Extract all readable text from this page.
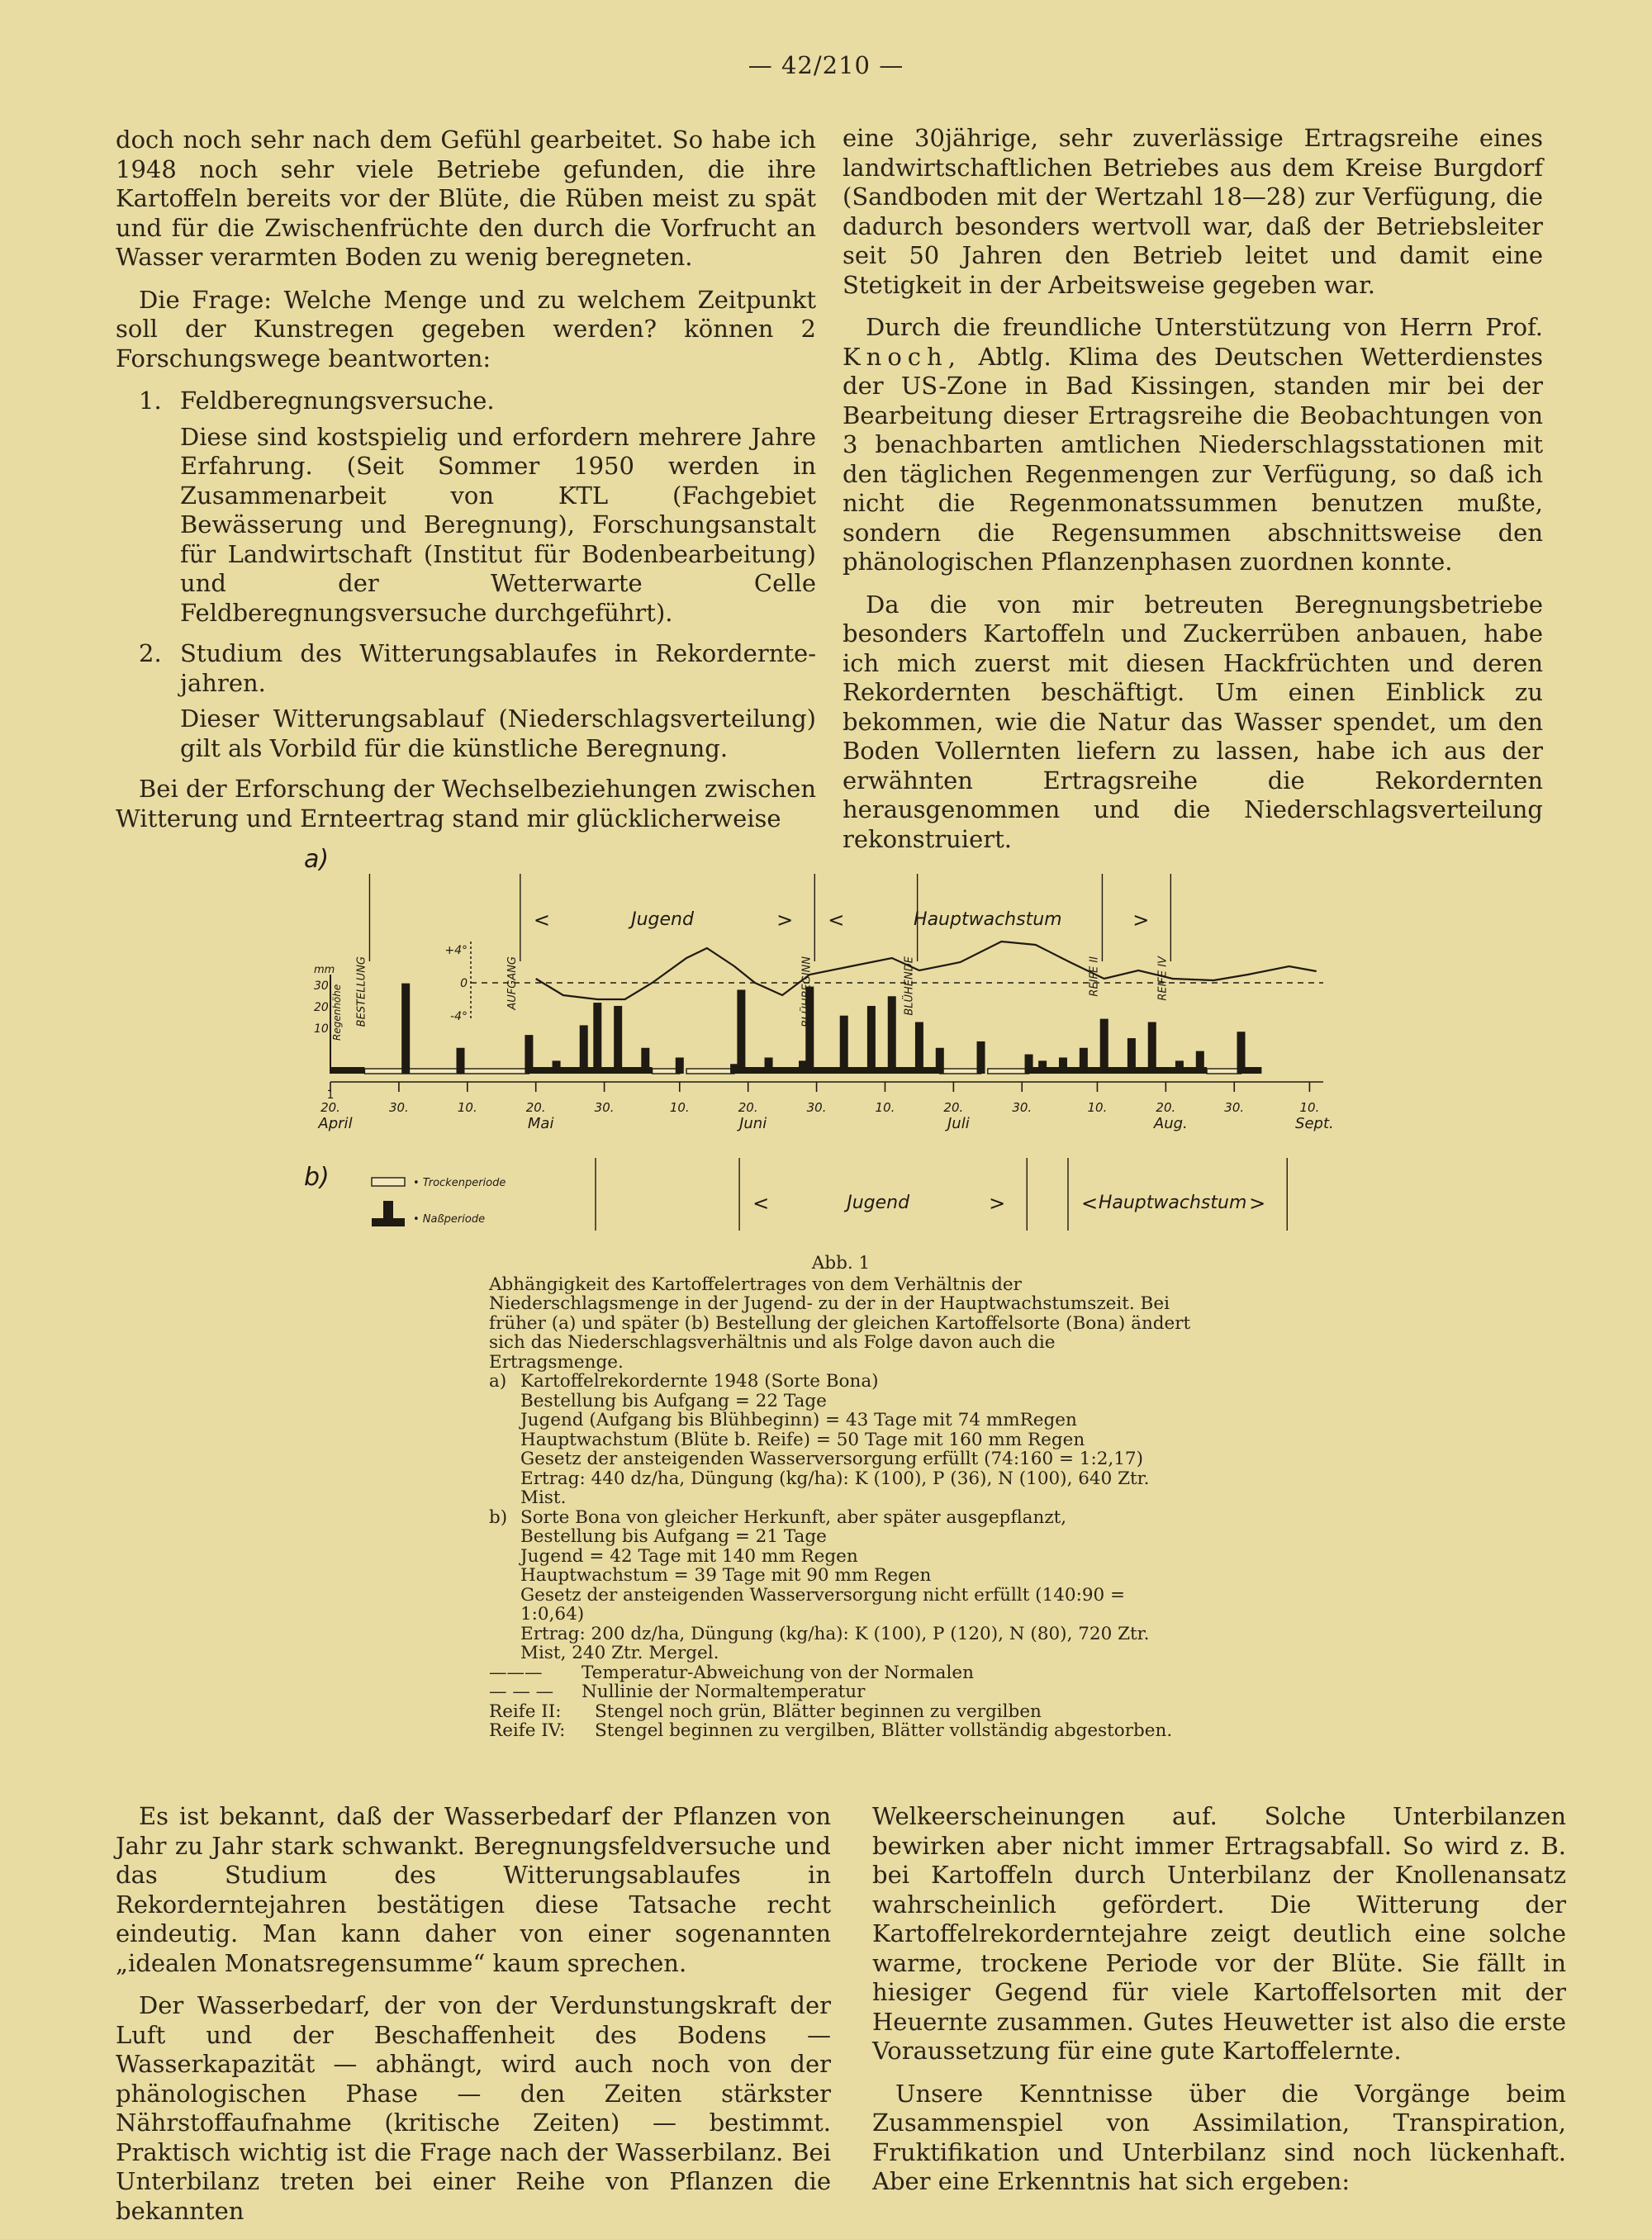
— 42/210 —

doch noch sehr nach dem Gefühl gearbeitet. So habe ich 1948 noch sehr viele Betriebe gefunden, die ihre Kartoffeln bereits vor der Blüte, die Rüben meist zu spät und für die Zwischenfrüchte den durch die Vorfrucht an Wasser verarmten Boden zu wenig beregneten.

Die Frage: Welche Menge und zu welchem Zeitpunkt soll der Kunstregen gegeben werden? können 2 Forschungswege beantworten:

1. Feldberegnungsversuche.
Diese sind kostspielig und erfordern mehrere Jahre Erfahrung. (Seit Sommer 1950 werden in Zusammenarbeit von KTL (Fachgebiet Bewässerung und Beregnung), Forschungsanstalt für Landwirtschaft (Institut für Bodenbearbeitung) und der Wetterwarte Celle Feldberegnungsversuche durchgeführt).
2. Studium des Witterungsablaufes in Rekorderntejahren.
Dieser Witterungsablauf (Niederschlagsverteilung) gilt als Vorbild für die künstliche Beregnung.

Bei der Erforschung der Wechselbeziehungen zwischen Witterung und Ernteertrag stand mir glücklicherweise

eine 30jährige, sehr zuverlässige Ertragsreihe eines landwirtschaftlichen Betriebes aus dem Kreise Burgdorf (Sandboden mit der Wertzahl 18—28) zur Verfügung, die dadurch besonders wertvoll war, daß der Betriebsleiter seit 50 Jahren den Betrieb leitet und damit eine Stetigkeit in der Arbeitsweise gegeben war.

Durch die freundliche Unterstützung von Herrn Prof. Knoch, Abtlg. Klima des Deutschen Wetterdienstes der US-Zone in Bad Kissingen, standen mir bei der Bearbeitung dieser Ertragsreihe die Beobachtungen von 3 benachbarten amtlichen Niederschlagsstationen mit den täglichen Regenmengen zur Verfügung, so daß ich nicht die Regenmonatssummen benutzen mußte, sondern die Regensummen abschnittsweise den phänologischen Pflanzenphasen zuordnen konnte.

Da die von mir betreuten Beregnungsbetriebe besonders Kartoffeln und Zuckerrüben anbauen, habe ich mich zuerst mit diesen Hackfrüchten und deren Rekordernten beschäftigt. Um einen Einblick zu bekommen, wie die Natur das Wasser spendet, um den Boden Vollernten liefern zu lassen, habe ich aus der erwähnten Ertragsreihe die Rekordernten herausgenommen und die Niederschlagsverteilung rekonstruiert.

a)
b)
mm
30
20
10 Regenhöhe
+4°
0
-4°
1
20.
April
30.	10.	20.
Mai
30.	10.	20.
Juni
30.	10.	20.
Juli
30.	10.	20.
Aug.
30.	10.
Sept.
BESTELLUNG	AUFGANG	BLÜHBEGINN	BLÜHENDE	REIFE II	REIFE IV
<	>
Jugend	<	>
Hauptwachstum
<	>
Jugend	<	>
Hauptwachstum
• Trockenperiode
• Naßperiode
Abb. 1
Abhängigkeit des Kartoffelertrages von dem Verhältnis der Niederschlagsmenge in der Jugend- zu der in der Hauptwachstumszeit. Bei früher (a) und später (b) Bestellung der gleichen Kartoffelsorte (Bona) ändert sich das Niederschlagsverhältnis und als Folge davon auch die Ertragsmenge.
a) Kartoffelrekordernte 1948 (Sorte Bona)
Bestellung bis Aufgang = 22 Tage
Jugend (Aufgang bis Blühbeginn) = 43 Tage mit 74 mmRegen
Hauptwachstum (Blüte b. Reife) = 50 Tage mit 160 mm Regen
Gesetz der ansteigenden Wasserversorgung erfüllt (74:160 = 1:2,17)
Ertrag: 440 dz/ha, Düngung (kg/ha): K (100), P (36), N (100), 640 Ztr. Mist.
b) Sorte Bona von gleicher Herkunft, aber später ausgepflanzt,
Bestellung bis Aufgang = 21 Tage
Jugend = 42 Tage mit 140 mm Regen
Hauptwachstum = 39 Tage mit 90 mm Regen
Gesetz der ansteigenden Wasserversorgung nicht erfüllt (140:90 = 1:0,64)
Ertrag: 200 dz/ha, Düngung (kg/ha): K (100), P (120), N (80), 720 Ztr. Mist, 240 Ztr. Mergel.
———	Temperatur-Abweichung von der Normalen
— — —	Nullinie der Normaltemperatur
Reife II:	Stengel noch grün, Blätter beginnen zu vergilben
Reife IV:	Stengel beginnen zu vergilben, Blätter vollständig abgestorben.

Es ist bekannt, daß der Wasserbedarf der Pflanzen von Jahr zu Jahr stark schwankt. Beregnungsfeldversuche und das Studium des Witterungsablaufes in Rekorderntejahren bestätigen diese Tatsache recht eindeutig. Man kann daher von einer sogenannten „idealen Monatsregensumme“ kaum sprechen.

Der Wasserbedarf, der von der Verdunstungskraft der Luft und der Beschaffenheit des Bodens — Wasserkapazität — abhängt, wird auch noch von der phänologischen Phase — den Zeiten stärkster Nährstoffaufnahme (kritische Zeiten) — bestimmt. Praktisch wichtig ist die Frage nach der Wasserbilanz. Bei Unterbilanz treten bei einer Reihe von Pflanzen die bekannten

Welkeerscheinungen auf. Solche Unterbilanzen bewirken aber nicht immer Ertragsabfall. So wird z. B. bei Kartoffeln durch Unterbilanz der Knollenansatz wahrscheinlich gefördert. Die Witterung der Kartoffelrekorderntejahre zeigt deutlich eine solche warme, trockene Periode vor der Blüte. Sie fällt in hiesiger Gegend für viele Kartoffelsorten mit der Heuernte zusammen. Gutes Heuwetter ist also die erste Voraussetzung für eine gute Kartoffelernte.

Unsere Kenntnisse über die Vorgänge beim Zusammenspiel von Assimilation, Transpiration, Fruktifikation und Unterbilanz sind noch lückenhaft. Aber eine Erkenntnis hat sich ergeben:
